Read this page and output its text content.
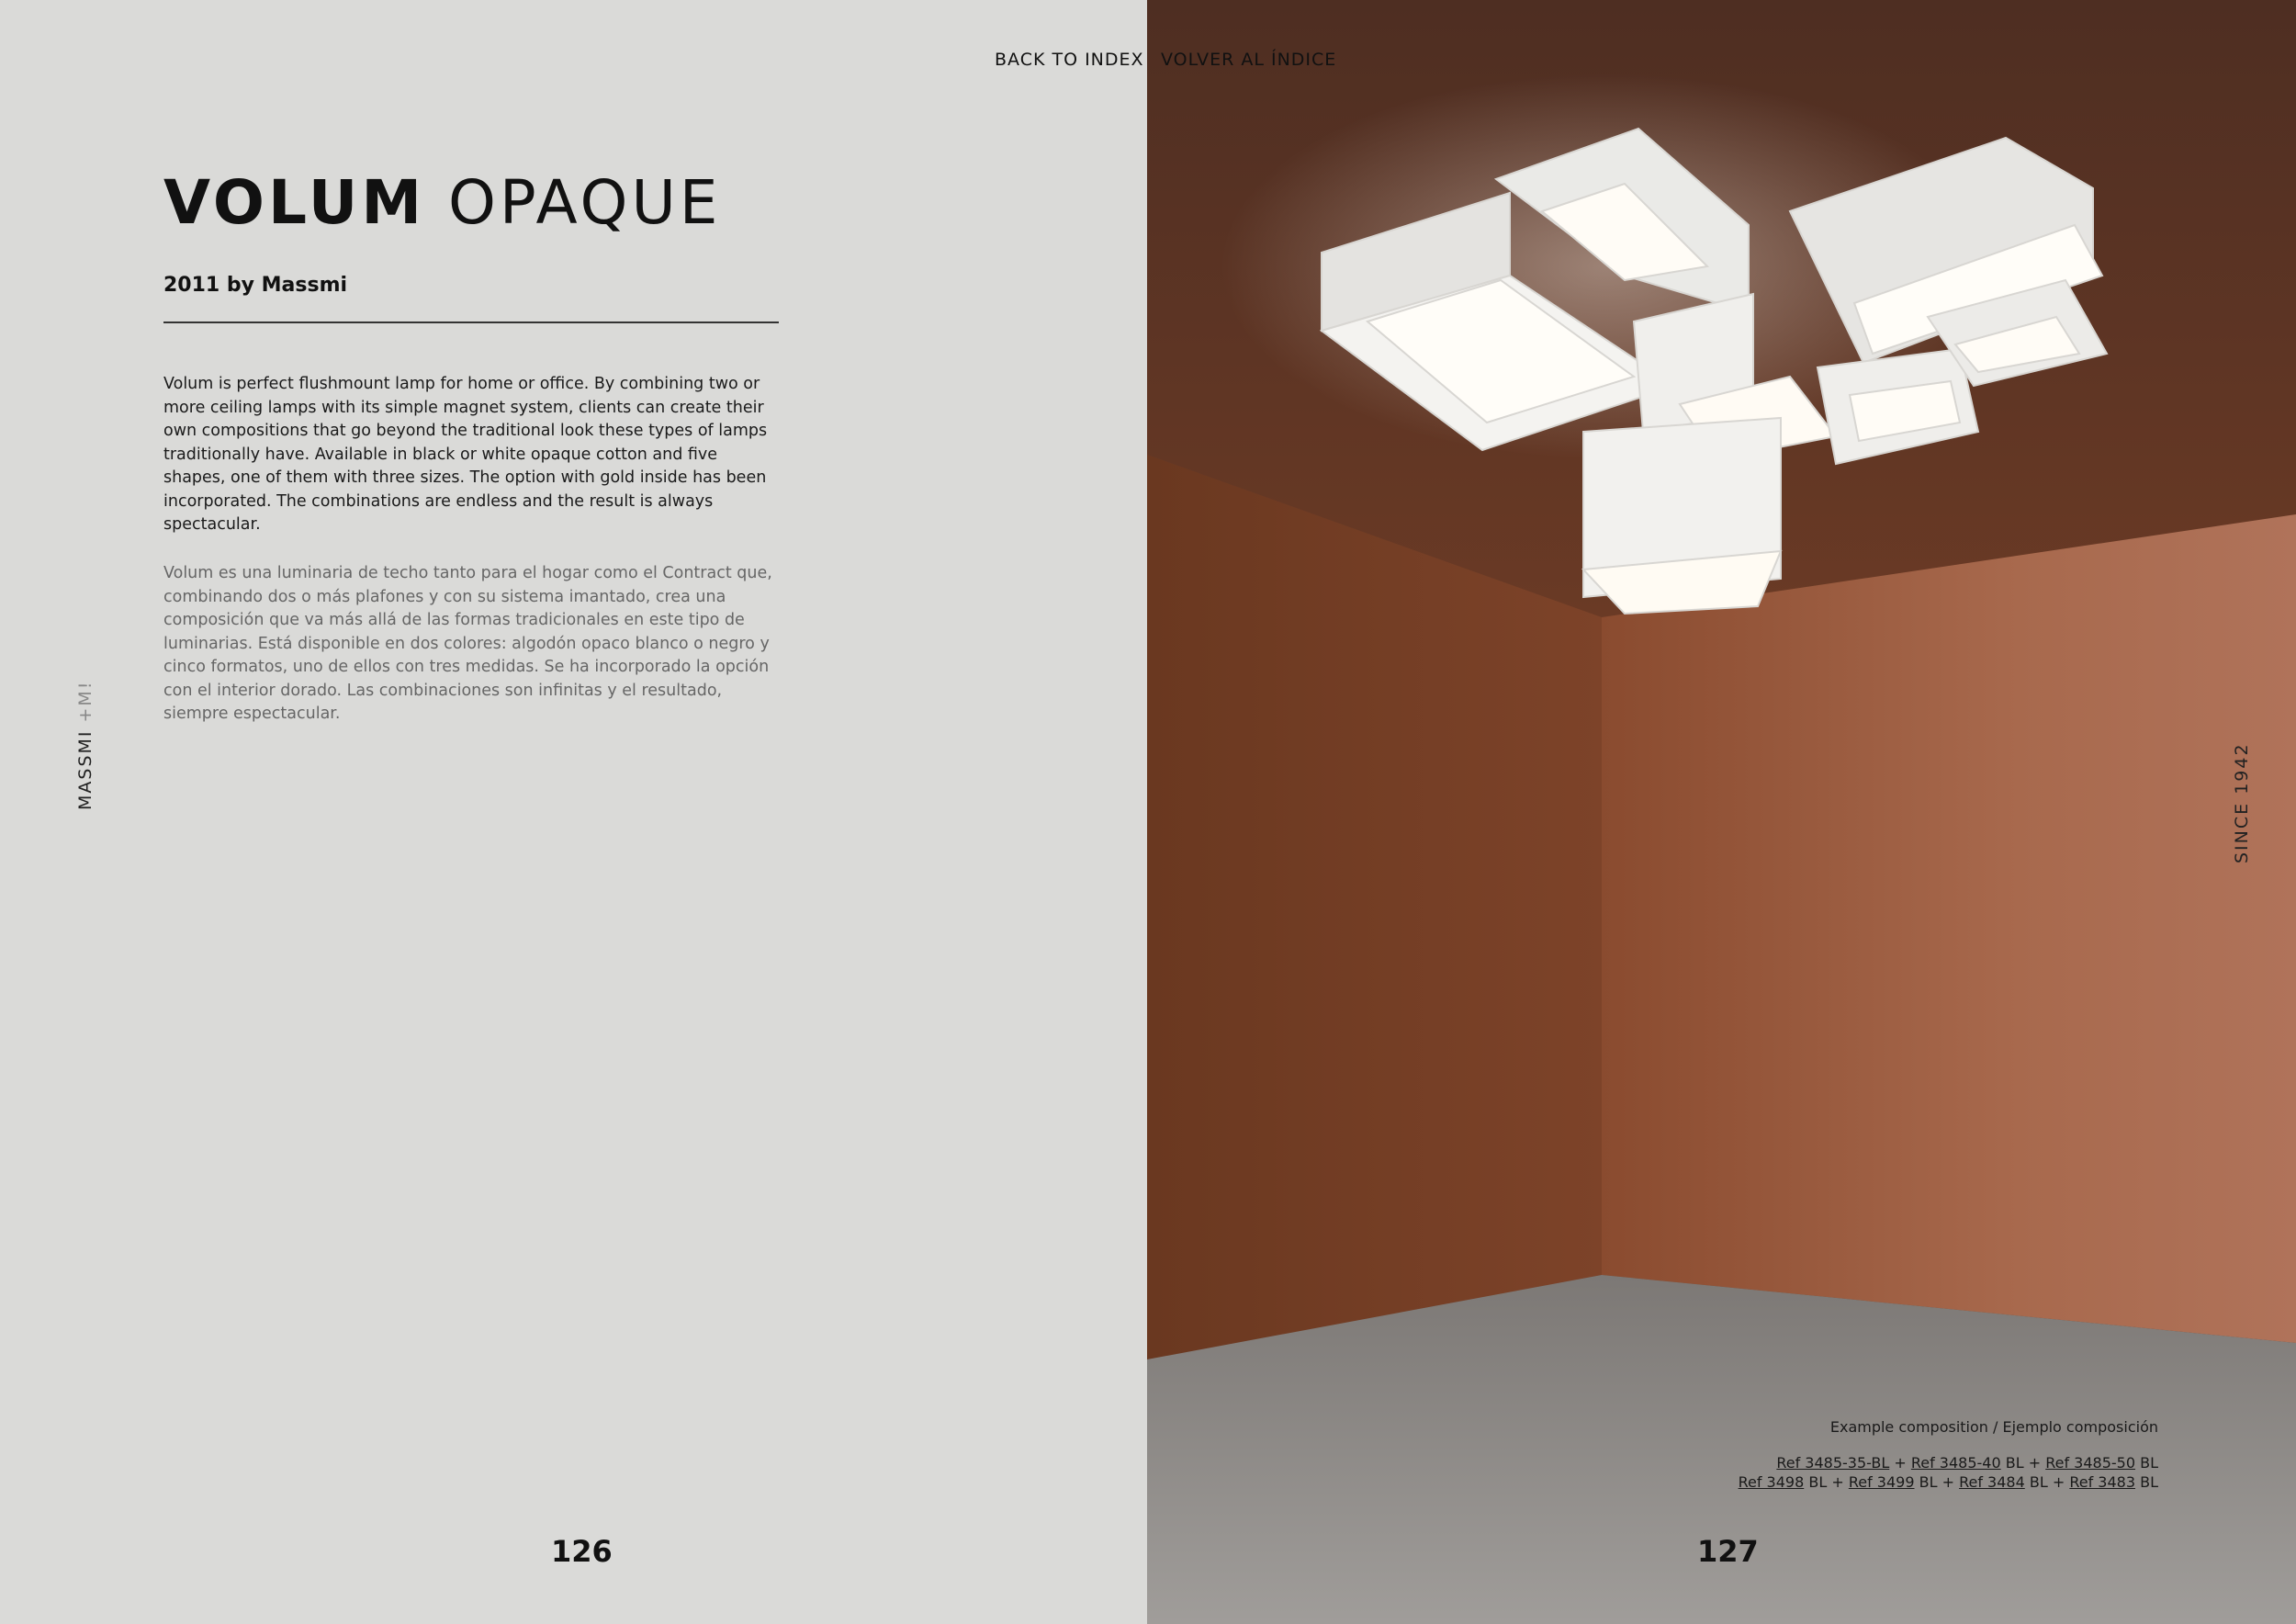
BACK TO INDEX VOLVER AL ÍNDICE
VOLUM OPAQUE

2011 by Massmi

Volum is perfect flushmount lamp for home or office. By combining two or more ceiling lamps with its simple magnet system, clients can create their own compositions that go beyond the traditional look these types of lamps traditionally have. Available in black or white opaque cotton and five shapes, one of them with three sizes. The option with gold inside has been incorporated. The combinations are endless and the result is always spectacular.

Volum es una luminaria de techo tanto para el hogar como el Contract que, combinando dos o más plafones y con su sistema imantado, crea una composición que va más allá de las formas tradicionales en este tipo de luminarias. Está disponible en dos colores: algodón opaco blanco o negro y cinco formatos, uno de ellos con tres medidas. Se ha incorporado la opción con el interior dorado. Las combinaciones son infinitas y el resultado, siempre espectacular.

MASSMI+M!
SINCE 1942
126	127
Example composition / Ejemplo composición
Ref 3485-35-BL + Ref 3485-40 BL + Ref 3485-50 BL
Ref 3498 BL + Ref 3499 BL + Ref 3484 BL + Ref 3483 BL
